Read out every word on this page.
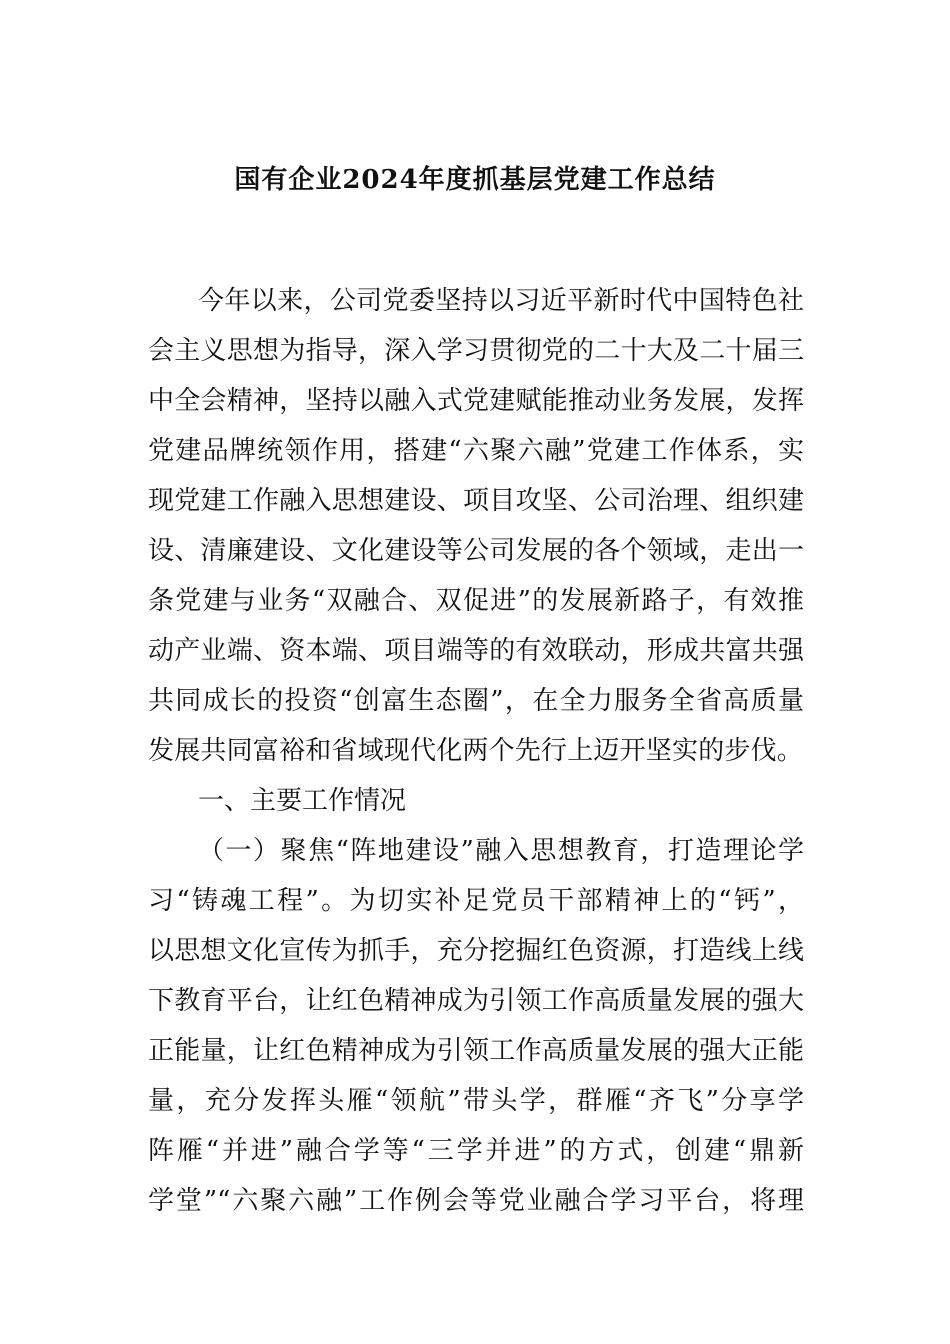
国有企业2024年度抓基层党建工作总结
今年以来，公司党委坚持以习近平新时代中国特色社
会主义思想为指导，深入学习贯彻党的二十大及二十届三
中全会精神，坚持以融入式党建赋能推动业务发展，发挥
党建品牌统领作用，搭建“六聚六融”党建工作体系，实
现党建工作融入思想建设、项目攻坚、公司治理、组织建
设、清廉建设、文化建设等公司发展的各个领域，走出一
条党建与业务“双融合、双促进”的发展新路子，有效推
动产业端、资本端、项目端等的有效联动，形成共富共强
共同成长的投资“创富生态圈”，在全力服务全省高质量
发展共同富裕和省域现代化两个先行上迈开坚实的步伐。
一、主要工作情况
（一）聚焦“阵地建设”融入思想教育，打造理论学
习“铸魂工程”。为切实补足党员干部精神上的“钙”，
以思想文化宣传为抓手，充分挖掘红色资源，打造线上线
下教育平台，让红色精神成为引领工作高质量发展的强大
正能量，让红色精神成为引领工作高质量发展的强大正能
量，充分发挥头雁“领航”带头学，群雁“齐飞”分享学
阵雁“并进”融合学等“三学并进”的方式，创建“鼎新
学堂”“六聚六融”工作例会等党业融合学习平台，将理
